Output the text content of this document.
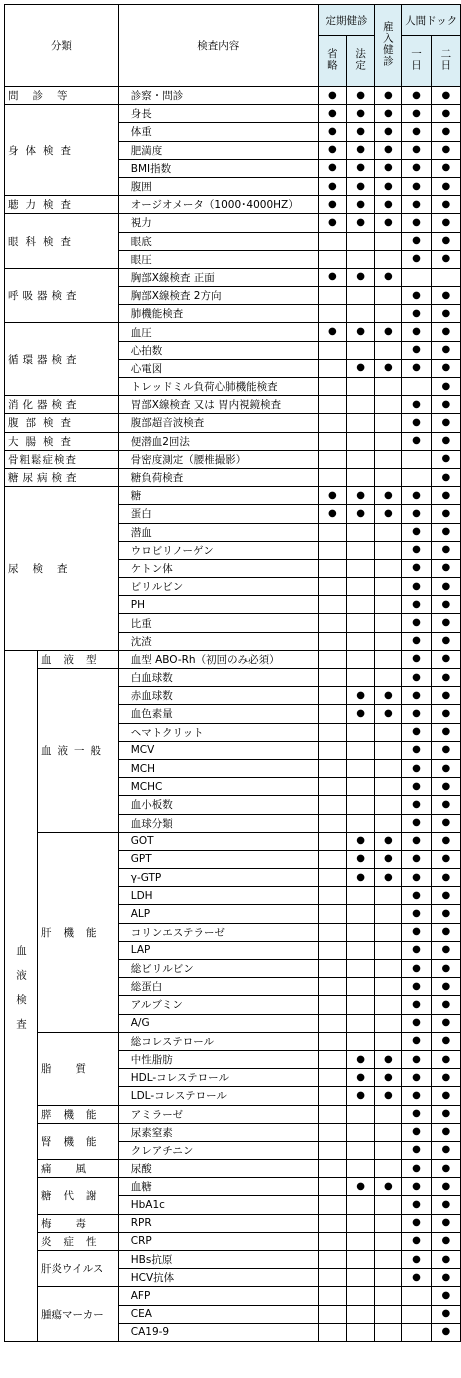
分類		検査内容	定期健診		雇入健診	人間ドック	
			省略	法定		一日	二日

問診等		診察・問診	●	●	●	●	●

身体検査		身長	●	●	●	●	●
		体重	●	●	●	●	●
		肥満度	●	●	●	●	●
		BMI指数	●	●	●	●	●
		腹囲	●	●	●	●	●

聴力検査		オージオメータ（1000･4000HZ）	●	●	●	●	●

眼科検査		視力	●	●	●	●	●
		眼底				●	●
		眼圧				●	●

呼吸器検査		胸部X線検査 正面	●	●	●		
		胸部X線検査 2方向				●	●
		肺機能検査				●	●

循環器検査		血圧	●	●	●	●	●
		心拍数				●	●
		心電図		●	●	●	●
		トレッドミル負荷心肺機能検査					●

消化器検査		胃部X線検査 又は 胃内視鏡検査				●	●

腹部検査		腹部超音波検査				●	●

大腸検査		便潜血2回法				●	●

骨粗鬆症検査		骨密度測定（腰椎撮影）					●

糖尿病検査		糖負荷検査					●

尿検査		糖	●	●	●	●	●
		蛋白	●	●	●	●	●
		潜血				●	●
		ウロビリノーゲン				●	●
		ケトン体				●	●
		ビリルビン				●	●
		PH				●	●
		比重				●	●
		沈渣				●	●
血液検査	血液型	血型 ABO-Rh（初回のみ必須）				●	●

	血液一般	白血球数				●	●
		赤血球数		●	●	●	●
		血色素量		●	●	●	●
		ヘマトクリット				●	●
		MCV				●	●
		MCH				●	●
		MCHC				●	●
		血小板数				●	●
		血球分類				●	●

	肝機能	GOT		●	●	●	●
		GPT		●	●	●	●
		γ-GTP		●	●	●	●
		LDH				●	●
		ALP				●	●
		コリンエステラーゼ				●	●
		LAP				●	●
		総ビリルビン				●	●
		総蛋白				●	●
		アルブミン				●	●
		A/G				●	●

	脂質	総コレステロール				●	●
		中性脂肪		●	●	●	●
		HDL-コレステロール		●	●	●	●
		LDL-コレステロール		●	●	●	●

	膵機能	アミラーゼ				●	●

	腎機能	尿素窒素				●	●
		クレアチニン				●	●

	痛風	尿酸				●	●

	糖代謝	血糖		●	●	●	●
		HbA1c				●	●

	梅毒	RPR				●	●

	炎症性	CRP				●	●

	肝炎ウイルス	HBs抗原				●	●
		HCV抗体				●	●

	腫瘍マーカー	AFP					●
		CEA					●
		CA19-9					●
